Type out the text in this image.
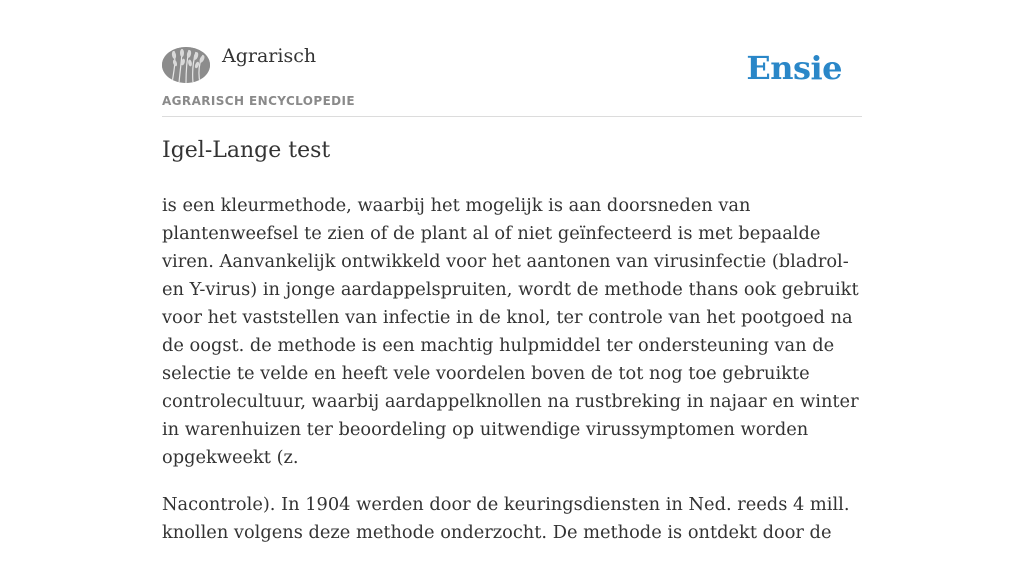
Agrarisch
AGRARISCH ENCYCLOPEDIE
Ensie
Igel-Lange test

is een kleurmethode, waarbij het mogelijk is aan doorsneden van plantenweefsel te zien of de plant al of niet geïnfecteerd is met bepaalde viren. Aanvankelijk ontwikkeld voor het aantonen van virusinfectie (bladrol- en Y-virus) in jonge aardappelspruiten, wordt de methode thans ook gebruikt voor het vaststellen van infectie in de knol, ter controle van het pootgoed na de oogst. de methode is een machtig hulpmiddel ter ondersteuning van de selectie te velde en heeft vele voordelen boven de tot nog toe gebruikte controlecultuur, waarbij aardappelknollen na rustbreking in najaar en winter in warenhuizen ter beoordeling op uitwendige virussymptomen worden opgekweekt (z.

Nacontrole). In 1904 werden door de keuringsdiensten in Ned. reeds 4 mill. knollen volgens deze methode onderzocht. De methode is ontdekt door de
